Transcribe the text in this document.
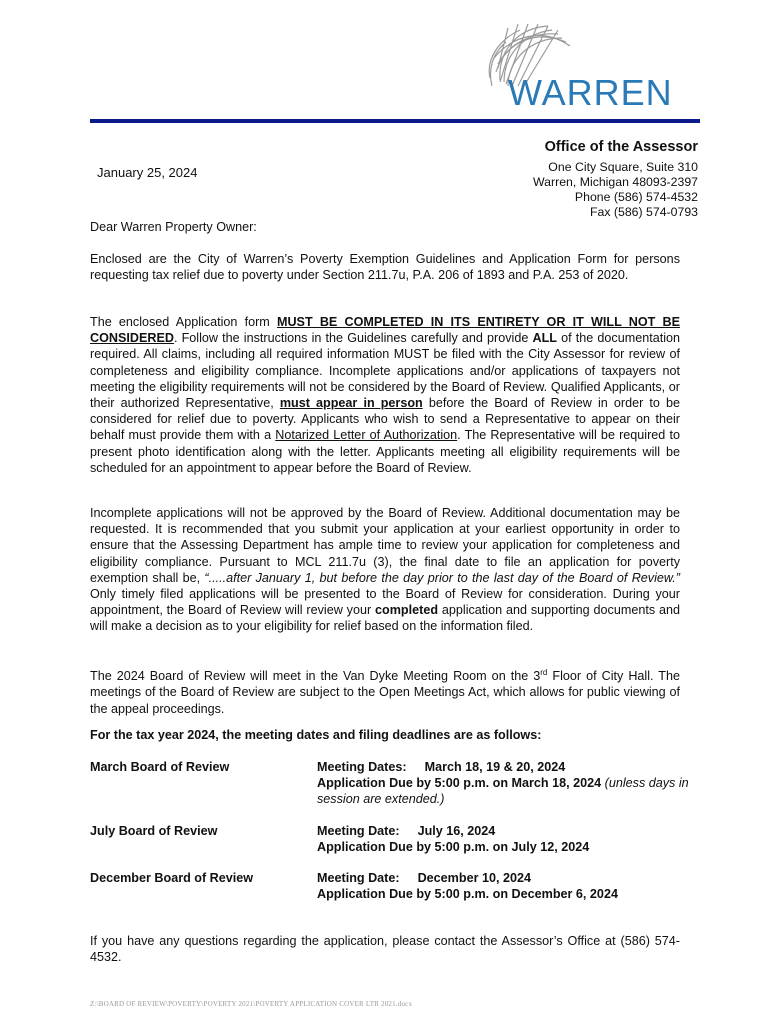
WARREN
Office of the Assessor
One City Square, Suite 310
Warren, Michigan 48093-2397
Phone (586) 574-4532
Fax (586) 574-0793
January 25, 2024
Dear Warren Property Owner:
Enclosed are the City of Warren’s Poverty Exemption Guidelines and Application Form for persons requesting tax relief due to poverty under Section 211.7u, P.A. 206 of 1893 and P.A. 253 of 2020.
The enclosed Application form MUST BE COMPLETED IN ITS ENTIRETY OR IT WILL NOT BE CONSIDERED. Follow the instructions in the Guidelines carefully and provide ALL of the documentation required. All claims, including all required information MUST be filed with the City Assessor for review of completeness and eligibility compliance. Incomplete applications and/or applications of taxpayers not meeting the eligibility requirements will not be considered by the Board of Review. Qualified Applicants, or their authorized Representative, must appear in person before the Board of Review in order to be considered for relief due to poverty. Applicants who wish to send a Representative to appear on their behalf must provide them with a Notarized Letter of Authorization. The Representative will be required to present photo identification along with the letter. Applicants meeting all eligibility requirements will be scheduled for an appointment to appear before the Board of Review.
Incomplete applications will not be approved by the Board of Review. Additional documentation may be requested. It is recommended that you submit your application at your earliest opportunity in order to ensure that the Assessing Department has ample time to review your application for completeness and eligibility compliance. Pursuant to MCL 211.7u (3), the final date to file an application for poverty exemption shall be, “.....after January 1, but before the day prior to the last day of the Board of Review.” Only timely filed applications will be presented to the Board of Review for consideration. During your appointment, the Board of Review will review your completed application and supporting documents and will make a decision as to your eligibility for relief based on the information filed.
The 2024 Board of Review will meet in the Van Dyke Meeting Room on the 3rd Floor of City Hall. The meetings of the Board of Review are subject to the Open Meetings Act, which allows for public viewing of the appeal proceedings.
For the tax year 2024, the meeting dates and filing deadlines are as follows:
March Board of Review	Meeting Dates: March 18, 19 & 20, 2024
Application Due by 5:00 p.m. on March 18, 2024 (unless days in session are extended.)
July Board of Review	Meeting Date: July 16, 2024
Application Due by 5:00 p.m. on July 12, 2024
December Board of Review	Meeting Date: December 10, 2024
Application Due by 5:00 p.m. on December 6, 2024
If you have any questions regarding the application, please contact the Assessor’s Office at (586) 574-4532.
Z:\BOARD OF REVIEW\POVERTY\POVERTY 2021\POVERTY APPLICATION COVER LTR 2021.docx
